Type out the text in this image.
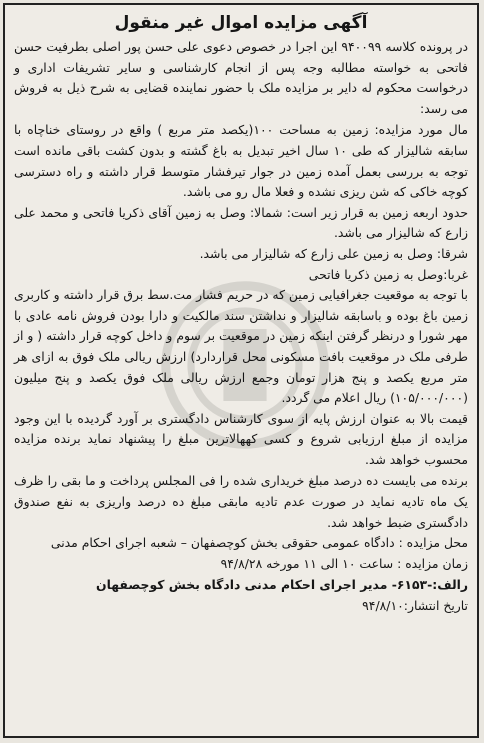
آگهی مزایده اموال غیر منقول

در پرونده کلاسه ۹۴۰۰۹۹ این اجرا در خصوص دعوی علی حسن پور اصلی بطرفیت حسن فاتحی به خواسته مطالبه وجه پس از انجام کارشناسی و سایر تشریفات اداری و درخواست محکوم له دایر بر مزایده ملک با حضور نماینده قضایی به شرح ذیل به فروش می رسد:

مال مورد مزایده: زمین به مساحت ۱۰۰(یکصد متر مربع ) واقع در روستای خناچاه با سابقه شالیزار که طی ۱۰ سال اخیر تبدیل به باغ گشته و بدون کشت باقی مانده است توجه به بررسی بعمل آمده زمین در جوار تیرفشار متوسط قرار داشته و راه دسترسی کوچه خاکی که شن ریزی نشده و فعلا مال رو می باشد.

حدود اربعه زمین به قرار زیر است: شمالا: وصل به زمین آقای ذکریا فاتحی و محمد علی زارع که شالیزار می باشد.

شرقا: وصل به زمین علی زارع که شالیزار می باشد.

غربا:وصل به زمین ذکریا فاتحی

با توجه به موقعیت جغرافیایی زمین که در حریم فشار مت.سط برق قرار داشته و کاربری زمین باغ بوده و باسابقه شالیزار و نداشتن سند مالکیت و دارا بودن فروش نامه عادی با مهر شورا و درنظر گرفتن اینکه زمین در موقعیت بر سوم و داخل کوچه قرار داشته ( و از طرفی ملک در موقعیت بافت مسکونی محل قراردارد) ارزش ریالی ملک فوق به ازای هر متر مربع یکصد و پنج هزار تومان وجمع ارزش ریالی ملک فوق یکصد و پنج میلیون (۱۰۵/۰۰۰/۰۰۰) ریال اعلام می گردد.

قیمت بالا به عنوان ارزش پایه از سوی کارشناس دادگستری بر آورد گردیده با این وجود مزایده از مبلغ ارزیابی شروع و کسی کههالاترین مبلغ را پیشنهاد نماید برنده مزایده محسوب خواهد شد.

برنده می بایست ده درصد مبلغ خریداری شده را فی المجلس پرداخت و ما بقی را ظرف یک ماه تادیه نماید در صورت عدم تادیه مابقی مبلغ ده درصد واریزی به نفع صندوق دادگستری ضبط خواهد شد.

محل مزایده : دادگاه عمومی حقوقی بخش کوچصفهان – شعبه اجرای احکام مدنی

زمان مزایده : ساعت ۱۰ الی ۱۱ مورخه ۹۴/۸/۲۸

رالف:-۶۱۵۳- مدیر اجرای احکام مدنی دادگاه بخش کوچصفهان

تاریخ انتشار:۹۴/۸/۱۰
